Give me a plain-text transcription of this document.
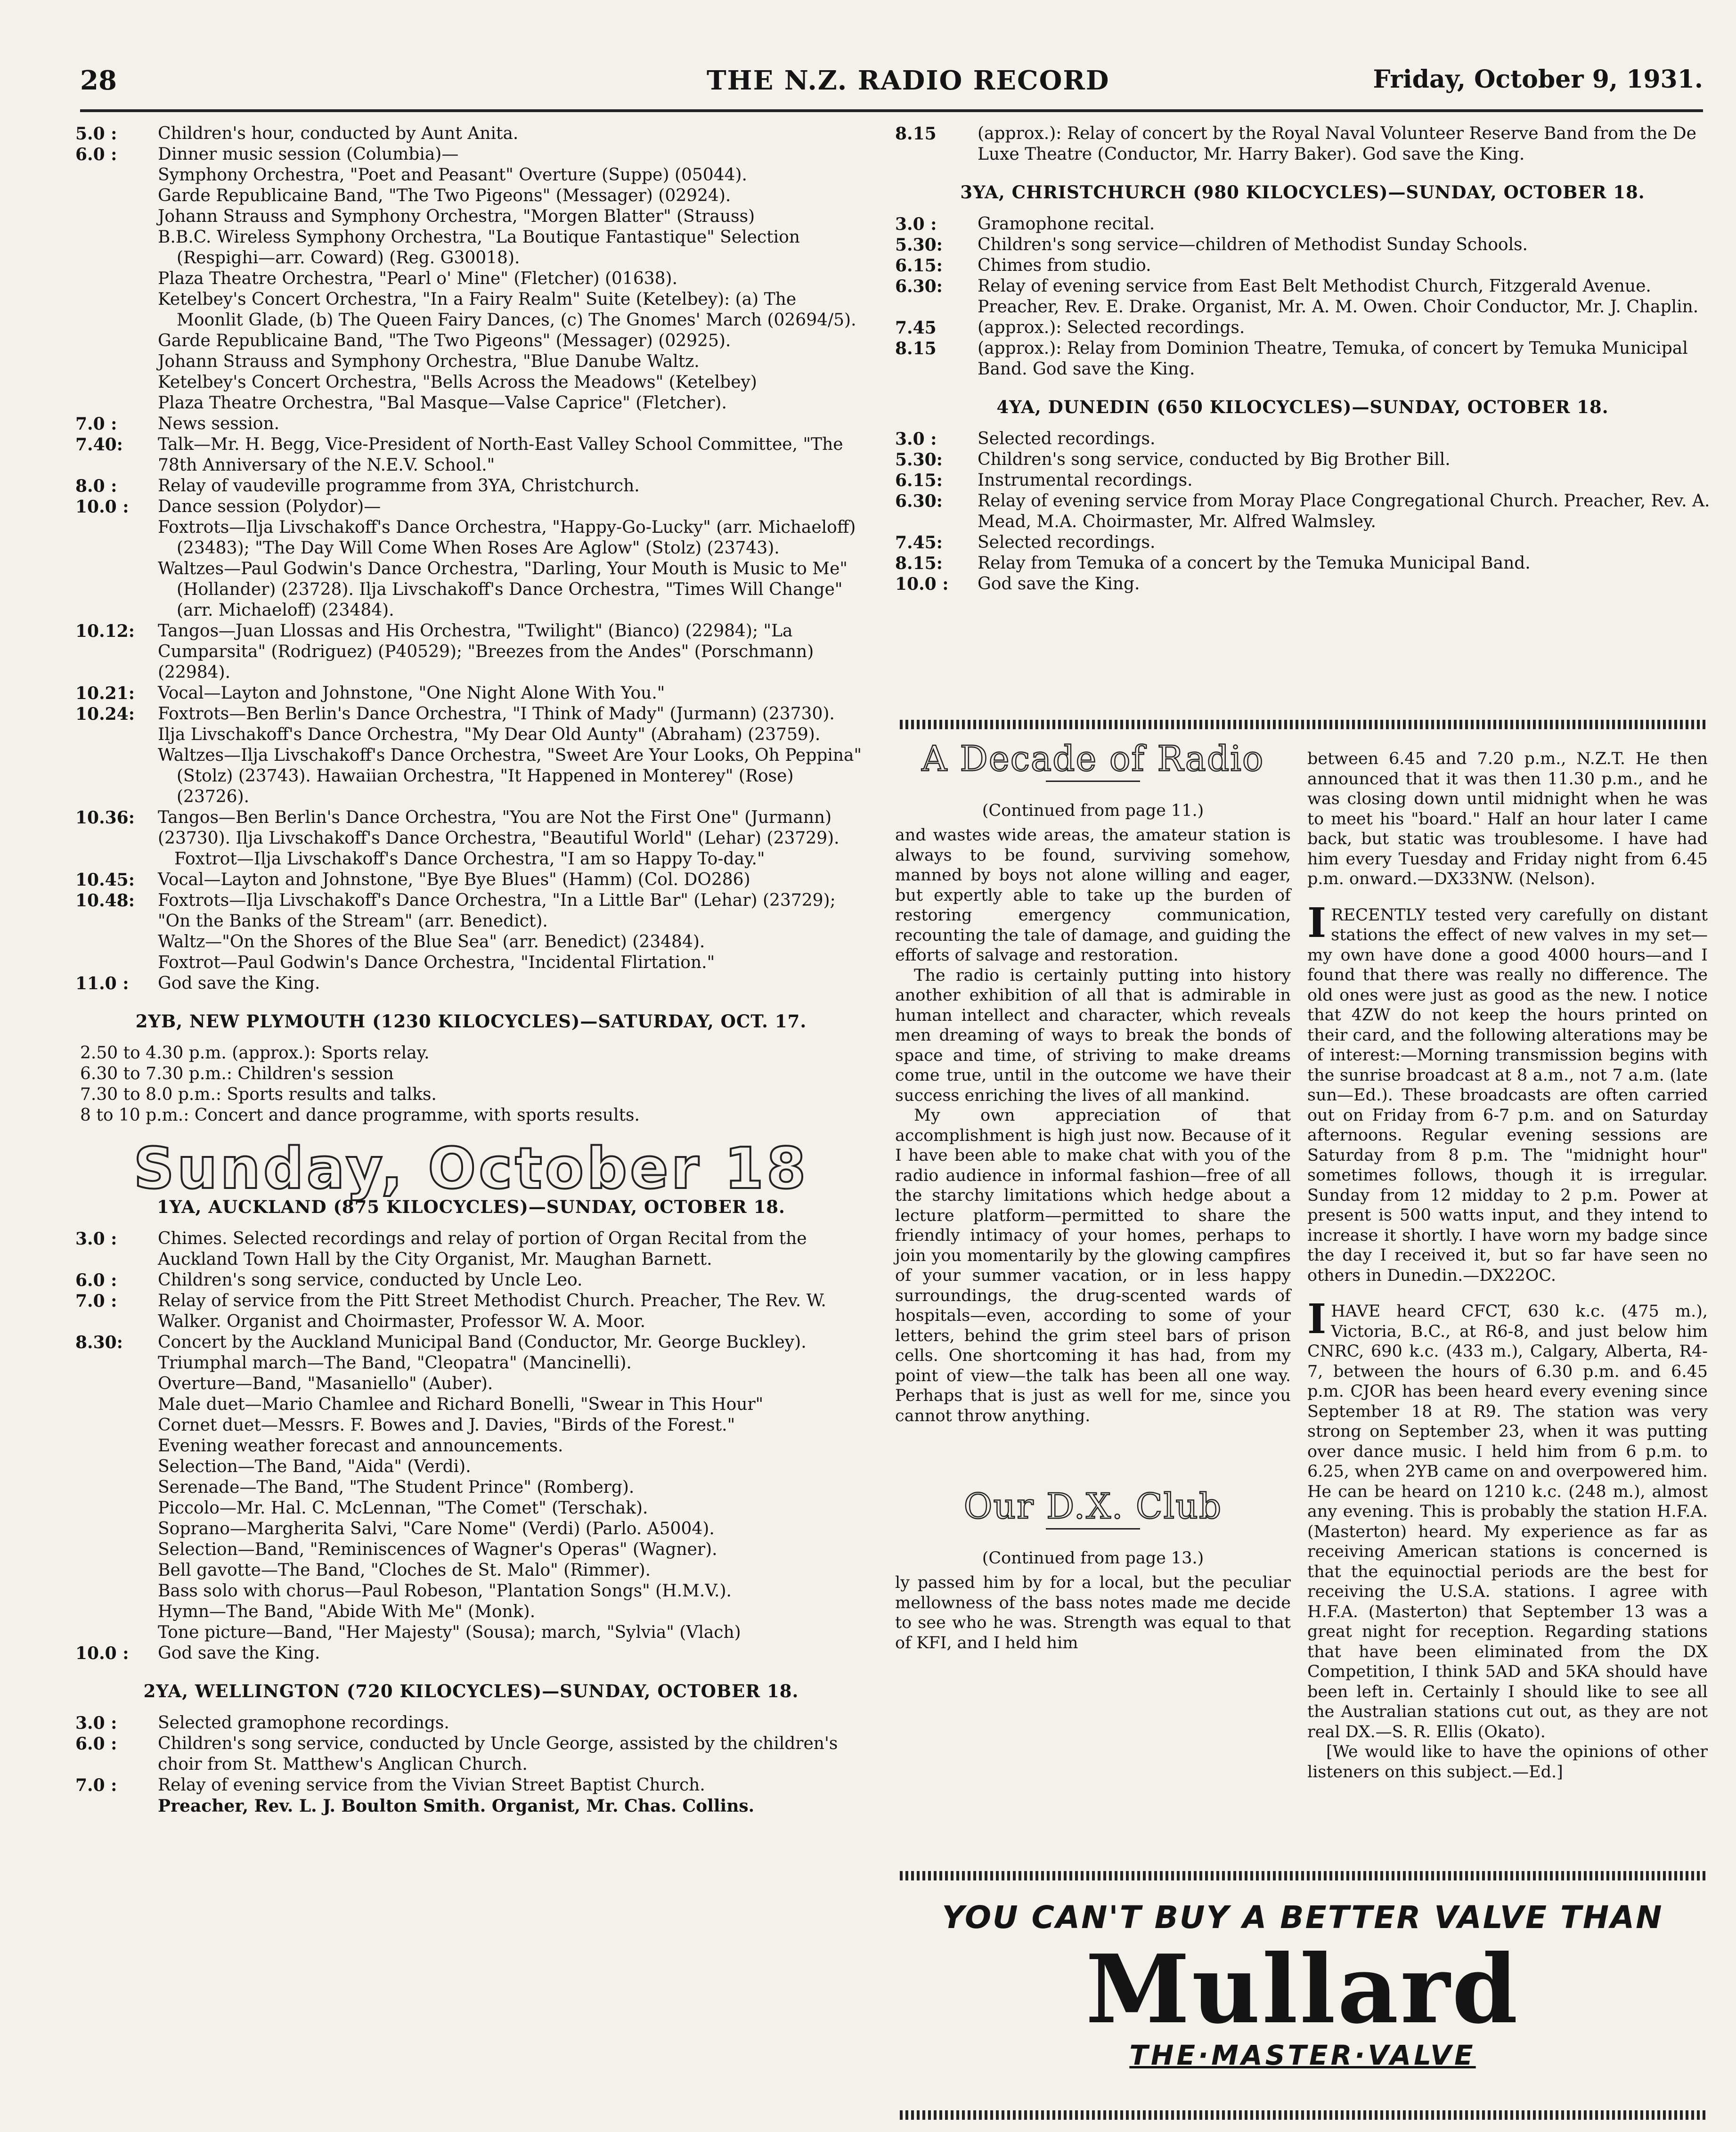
28	THE N.Z. RADIO RECORD	Friday, October 9, 1931.
5.0 :	Children's hour, conducted by Aunt Anita.
6.0 :	Dinner music session (Columbia)—
Symphony Orchestra, "Poet and Peasant" Overture (Suppe) (05044).
Garde Republicaine Band, "The Two Pigeons" (Messager) (02924).
Johann Strauss and Symphony Orchestra, "Morgen Blatter" (Strauss)
B.B.C. Wireless Symphony Orchestra, "La Boutique Fantastique" Selection (Respighi—arr. Coward) (Reg. G30018).
Plaza Theatre Orchestra, "Pearl o' Mine" (Fletcher) (01638).
Ketelbey's Concert Orchestra, "In a Fairy Realm" Suite (Ketelbey): (a) The Moonlit Glade, (b) The Queen Fairy Dances, (c) The Gnomes' March (02694/5).
Garde Republicaine Band, "The Two Pigeons" (Messager) (02925).
Johann Strauss and Symphony Orchestra, "Blue Danube Waltz.
Ketelbey's Concert Orchestra, "Bells Across the Meadows" (Ketelbey)
Plaza Theatre Orchestra, "Bal Masque—Valse Caprice" (Fletcher).
7.0 :	News session.
7.40:	Talk—Mr. H. Begg, Vice-President of North-East Valley School Committee, "The 78th Anniversary of the N.E.V. School."
8.0 :	Relay of vaudeville programme from 3YA, Christchurch.
10.0 :	Dance session (Polydor)—
Foxtrots—Ilja Livschakoff's Dance Orchestra, "Happy-Go-Lucky" (arr. Michaeloff) (23483); "The Day Will Come When Roses Are Aglow" (Stolz) (23743).
Waltzes—Paul Godwin's Dance Orchestra, "Darling, Your Mouth is Music to Me" (Hollander) (23728). Ilja Livschakoff's Dance Orchestra, "Times Will Change" (arr. Michaeloff) (23484).
10.12:	Tangos—Juan Llossas and His Orchestra, "Twilight" (Bianco) (22984); "La Cumparsita" (Rodriguez) (P40529); "Breezes from the Andes" (Porschmann) (22984).
10.21:	Vocal—Layton and Johnstone, "One Night Alone With You."
10.24:	Foxtrots—Ben Berlin's Dance Orchestra, "I Think of Mady" (Jurmann) (23730). Ilja Livschakoff's Dance Orchestra, "My Dear Old Aunty" (Abraham) (23759).
Waltzes—Ilja Livschakoff's Dance Orchestra, "Sweet Are Your Looks, Oh Peppina" (Stolz) (23743). Hawaiian Orchestra, "It Happened in Monterey" (Rose) (23726).
10.36:	Tangos—Ben Berlin's Dance Orchestra, "You are Not the First One" (Jurmann) (23730). Ilja Livschakoff's Dance Orchestra, "Beautiful World" (Lehar) (23729).
Foxtrot—Ilja Livschakoff's Dance Orchestra, "I am so Happy To-day."
10.45:	Vocal—Layton and Johnstone, "Bye Bye Blues" (Hamm) (Col. DO286)
10.48:	Foxtrots—Ilja Livschakoff's Dance Orchestra, "In a Little Bar" (Lehar) (23729); "On the Banks of the Stream" (arr. Benedict).
Waltz—"On the Shores of the Blue Sea" (arr. Benedict) (23484).
Foxtrot—Paul Godwin's Dance Orchestra, "Incidental Flirtation."
11.0 :	God save the King.
2YB, NEW PLYMOUTH (1230 KILOCYCLES)—SATURDAY, OCT. 17.
2.50 to 4.30 p.m. (approx.): Sports relay.
6.30 to 7.30 p.m.: Children's session
7.30 to 8.0 p.m.: Sports results and talks.
8 to 10 p.m.: Concert and dance programme, with sports results.
Sunday, October 18
1YA, AUCKLAND (875 KILOCYCLES)—SUNDAY, OCTOBER 18.
3.0 :	Chimes. Selected recordings and relay of portion of Organ Recital from the Auckland Town Hall by the City Organist, Mr. Maughan Barnett.
6.0 :	Children's song service, conducted by Uncle Leo.
7.0 :	Relay of service from the Pitt Street Methodist Church. Preacher, The Rev. W. Walker. Organist and Choirmaster, Professor W. A. Moor.
8.30:	Concert by the Auckland Municipal Band (Conductor, Mr. George Buckley).
Triumphal march—The Band, "Cleopatra" (Mancinelli).
Overture—Band, "Masaniello" (Auber).
Male duet—Mario Chamlee and Richard Bonelli, "Swear in This Hour"
Cornet duet—Messrs. F. Bowes and J. Davies, "Birds of the Forest."
Evening weather forecast and announcements.
Selection—The Band, "Aida" (Verdi).
Serenade—The Band, "The Student Prince" (Romberg).
Piccolo—Mr. Hal. C. McLennan, "The Comet" (Terschak).
Soprano—Margherita Salvi, "Care Nome" (Verdi) (Parlo. A5004).
Selection—Band, "Reminiscences of Wagner's Operas" (Wagner).
Bell gavotte—The Band, "Cloches de St. Malo" (Rimmer).
Bass solo with chorus—Paul Robeson, "Plantation Songs" (H.M.V.).
Hymn—The Band, "Abide With Me" (Monk).
Tone picture—Band, "Her Majesty" (Sousa); march, "Sylvia" (Vlach)
10.0 :	God save the King.
2YA, WELLINGTON (720 KILOCYCLES)—SUNDAY, OCTOBER 18.
3.0 :	Selected gramophone recordings.
6.0 :	Children's song service, conducted by Uncle George, assisted by the children's choir from St. Matthew's Anglican Church.
7.0 :	Relay of evening service from the Vivian Street Baptist Church.
Preacher, Rev. L. J. Boulton Smith. Organist, Mr. Chas. Collins.
8.15	(approx.): Relay of concert by the Royal Naval Volunteer Reserve Band from the De Luxe Theatre (Conductor, Mr. Harry Baker). God save the King.
3YA, CHRISTCHURCH (980 KILOCYCLES)—SUNDAY, OCTOBER 18.
3.0 :	Gramophone recital.
5.30:	Children's song service—children of Methodist Sunday Schools.
6.15:	Chimes from studio.
6.30:	Relay of evening service from East Belt Methodist Church, Fitzgerald Avenue. Preacher, Rev. E. Drake. Organist, Mr. A. M. Owen. Choir Conductor, Mr. J. Chaplin.
7.45	(approx.): Selected recordings.
8.15	(approx.): Relay from Dominion Theatre, Temuka, of concert by Temuka Municipal Band. God save the King.
4YA, DUNEDIN (650 KILOCYCLES)—SUNDAY, OCTOBER 18.
3.0 :	Selected recordings.
5.30:	Children's song service, conducted by Big Brother Bill.
6.15:	Instrumental recordings.
6.30:	Relay of evening service from Moray Place Congregational Church. Preacher, Rev. A. Mead, M.A. Choirmaster, Mr. Alfred Walmsley.
7.45:	Selected recordings.
8.15:	Relay from Temuka of a concert by the Temuka Municipal Band.
10.0 :	God save the King.
A Decade of Radio
(Continued from page 11.)

and wastes wide areas, the amateur station is always to be found, surviving somehow, manned by boys not alone willing and eager, but expertly able to take up the burden of restoring emergency communication, recounting the tale of damage, and guiding the efforts of salvage and restoration.

The radio is certainly putting into history another exhibition of all that is admirable in human intellect and character, which reveals men dreaming of ways to break the bonds of space and time, of striving to make dreams come true, until in the outcome we have their success enriching the lives of all mankind.

My own appreciation of that accomplishment is high just now. Because of it I have been able to make chat with you of the radio audience in informal fashion—free of all the starchy limitations which hedge about a lecture platform—permitted to share the friendly intimacy of your homes, perhaps to join you momentarily by the glowing campfires of your summer vacation, or in less happy surroundings, the drug-scented wards of hospitals—even, according to some of your letters, behind the grim steel bars of prison cells. One shortcoming it has had, from my point of view—the talk has been all one way. Perhaps that is just as well for me, since you cannot throw anything.

Our D.X. Club
(Continued from page 13.)

ly passed him by for a local, but the peculiar mellowness of the bass notes made me decide to see who he was. Strength was equal to that of KFI, and I held him

between 6.45 and 7.20 p.m., N.Z.T. He then announced that it was then 11.30 p.m., and he was closing down until midnight when he was to meet his "board." Half an hour later I came back, but static was troublesome. I have had him every Tuesday and Friday night from 6.45 p.m. onward.—DX33NW. (Nelson).

IRECENTLY tested very carefully on distant stations the effect of new valves in my set—my own have done a good 4000 hours—and I found that there was really no difference. The old ones were just as good as the new. I notice that 4ZW do not keep the hours printed on their card, and the following alterations may be of interest:—Morning transmission begins with the sunrise broadcast at 8 a.m., not 7 a.m. (late sun—Ed.). These broadcasts are often carried out on Friday from 6-7 p.m. and on Saturday afternoons. Regular evening sessions are Saturday from 8 p.m. The "midnight hour" sometimes follows, though it is irregular. Sunday from 12 midday to 2 p.m. Power at present is 500 watts input, and they intend to increase it shortly. I have worn my badge since the day I received it, but so far have seen no others in Dunedin.—DX22OC.

IHAVE heard CFCT, 630 k.c. (475 m.), Victoria, B.C., at R6-8, and just below him CNRC, 690 k.c. (433 m.), Calgary, Alberta, R4-7, between the hours of 6.30 p.m. and 6.45 p.m. CJOR has been heard every evening since September 18 at R9. The station was very strong on September 23, when it was putting over dance music. I held him from 6 p.m. to 6.25, when 2YB came on and overpowered him. He can be heard on 1210 k.c. (248 m.), almost any evening. This is probably the station H.F.A. (Masterton) heard. My experience as far as receiving American stations is concerned is that the equinoctial periods are the best for receiving the U.S.A. stations. I agree with H.F.A. (Masterton) that September 13 was a great night for reception. Regarding stations that have been eliminated from the DX Competition, I think 5AD and 5KA should have been left in. Certainly I should like to see all the Australian stations cut out, as they are not real DX.—S. R. Ellis (Okato).

[We would like to have the opinions of other listeners on this subject.—Ed.]

YOU CAN'T BUY A BETTER VALVE THAN
Mullard
THE·MASTER·VALVE
